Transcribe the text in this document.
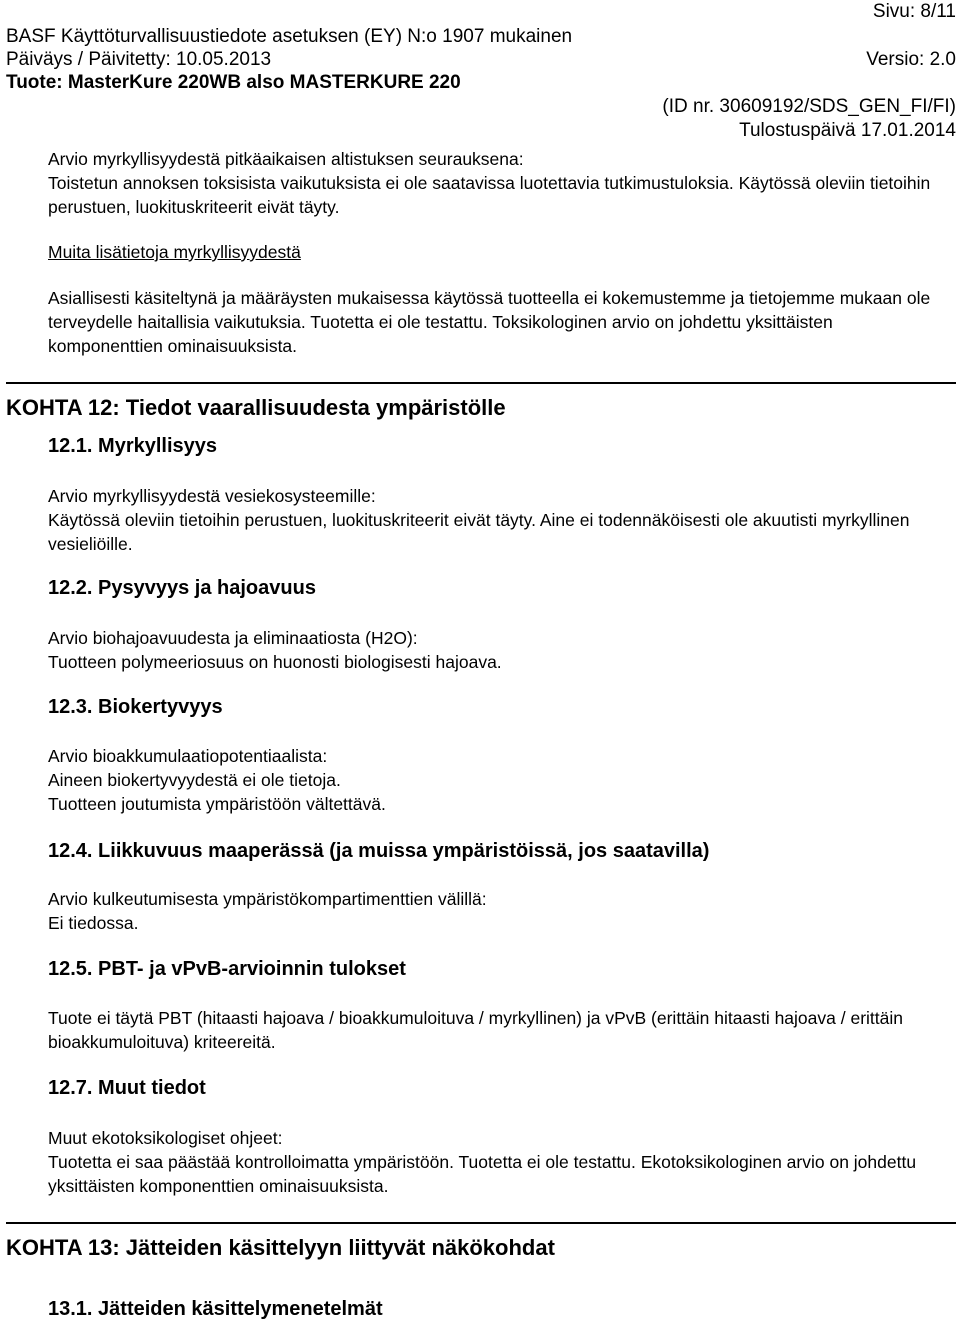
Sivu: 8/11
BASF Käyttöturvallisuustiedote asetuksen (EY) N:o 1907 mukainen
Päiväys / Päivitetty: 10.05.2013	Versio: 2.0
Tuote: MasterKure 220WB also MASTERKURE 220
(ID nr. 30609192/SDS_GEN_FI/FI)
Tulostuspäivä 17.01.2014

Arvio myrkyllisyydestä pitkäaikaisen altistuksen seurauksena:

Toistetun annoksen toksisista vaikutuksista ei ole saatavissa luotettavia tutkimustuloksia. Käytössä oleviin tietoihin perustuen, luokituskriteerit eivät täyty.

Muita lisätietoja myrkyllisyydestä

Asiallisesti käsiteltynä ja määräysten mukaisessa käytössä tuotteella ei kokemustemme ja tietojemme mukaan ole terveydelle haitallisia vaikutuksia. Tuotetta ei ole testattu. Toksikologinen arvio on johdettu yksittäisten komponenttien ominaisuuksista.

KOHTA 12: Tiedot vaarallisuudesta ympäristölle
12.1. Myrkyllisyys

Arvio myrkyllisyydestä vesiekosysteemille:

Käytössä oleviin tietoihin perustuen, luokituskriteerit eivät täyty. Aine ei todennäköisesti ole akuutisti myrkyllinen vesieliöille.

12.2. Pysyvyys ja hajoavuus

Arvio biohajoavuudesta ja eliminaatiosta (H2O):

Tuotteen polymeeriosuus on huonosti biologisesti hajoava.

12.3. Biokertyvyys

Arvio bioakkumulaatiopotentiaalista:

Aineen biokertyvyydestä ei ole tietoja.

Tuotteen joutumista ympäristöön vältettävä.

12.4. Liikkuvuus maaperässä (ja muissa ympäristöissä, jos saatavilla)

Arvio kulkeutumisesta ympäristökompartimenttien välillä:

Ei tiedossa.

12.5. PBT- ja vPvB-arvioinnin tulokset

Tuote ei täytä PBT (hitaasti hajoava / bioakkumuloituva / myrkyllinen) ja vPvB (erittäin hitaasti hajoava / erittäin bioakkumuloituva) kriteereitä.

12.7. Muut tiedot

Muut ekotoksikologiset ohjeet:

Tuotetta ei saa päästää kontrolloimatta ympäristöön. Tuotetta ei ole testattu. Ekotoksikologinen arvio on johdettu yksittäisten komponenttien ominaisuuksista.

KOHTA 13: Jätteiden käsittelyyn liittyvät näkökohdat
13.1. Jätteiden käsittelymenetelmät
